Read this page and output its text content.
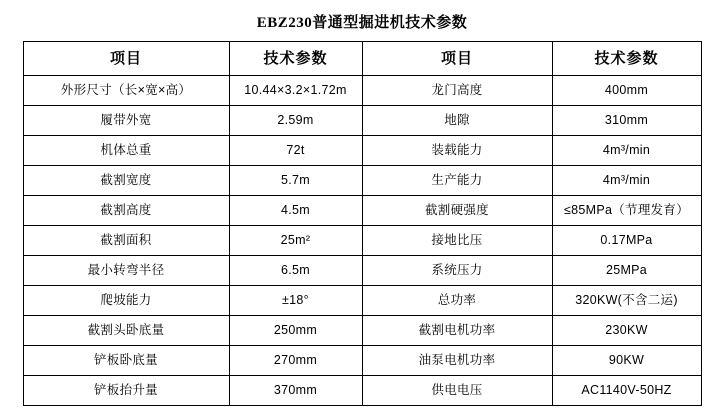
EBZ230普通型掘进机技术参数
项目	技术参数	项目	技术参数
外形尺寸（长×宽×高）	10.44×3.2×1.72m	龙门高度	400mm
履带外宽	2.59m	地隙	310mm
机体总重	72t	装载能力	4m³/min
截割宽度	5.7m	生产能力	4m³/min
截割高度	4.5m	截割硬强度	≤85MPa（节理发育）
截割面积	25m²	接地比压	0.17MPa
最小转弯半径	6.5m	系统压力	25MPa
爬坡能力	±18°	总功率	320KW(不含二运)
截割头卧底量	250mm	截割电机功率	230KW
铲板卧底量	270mm	油泵电机功率	90KW
铲板抬升量	370mm	供电电压	AC1140V-50HZ
